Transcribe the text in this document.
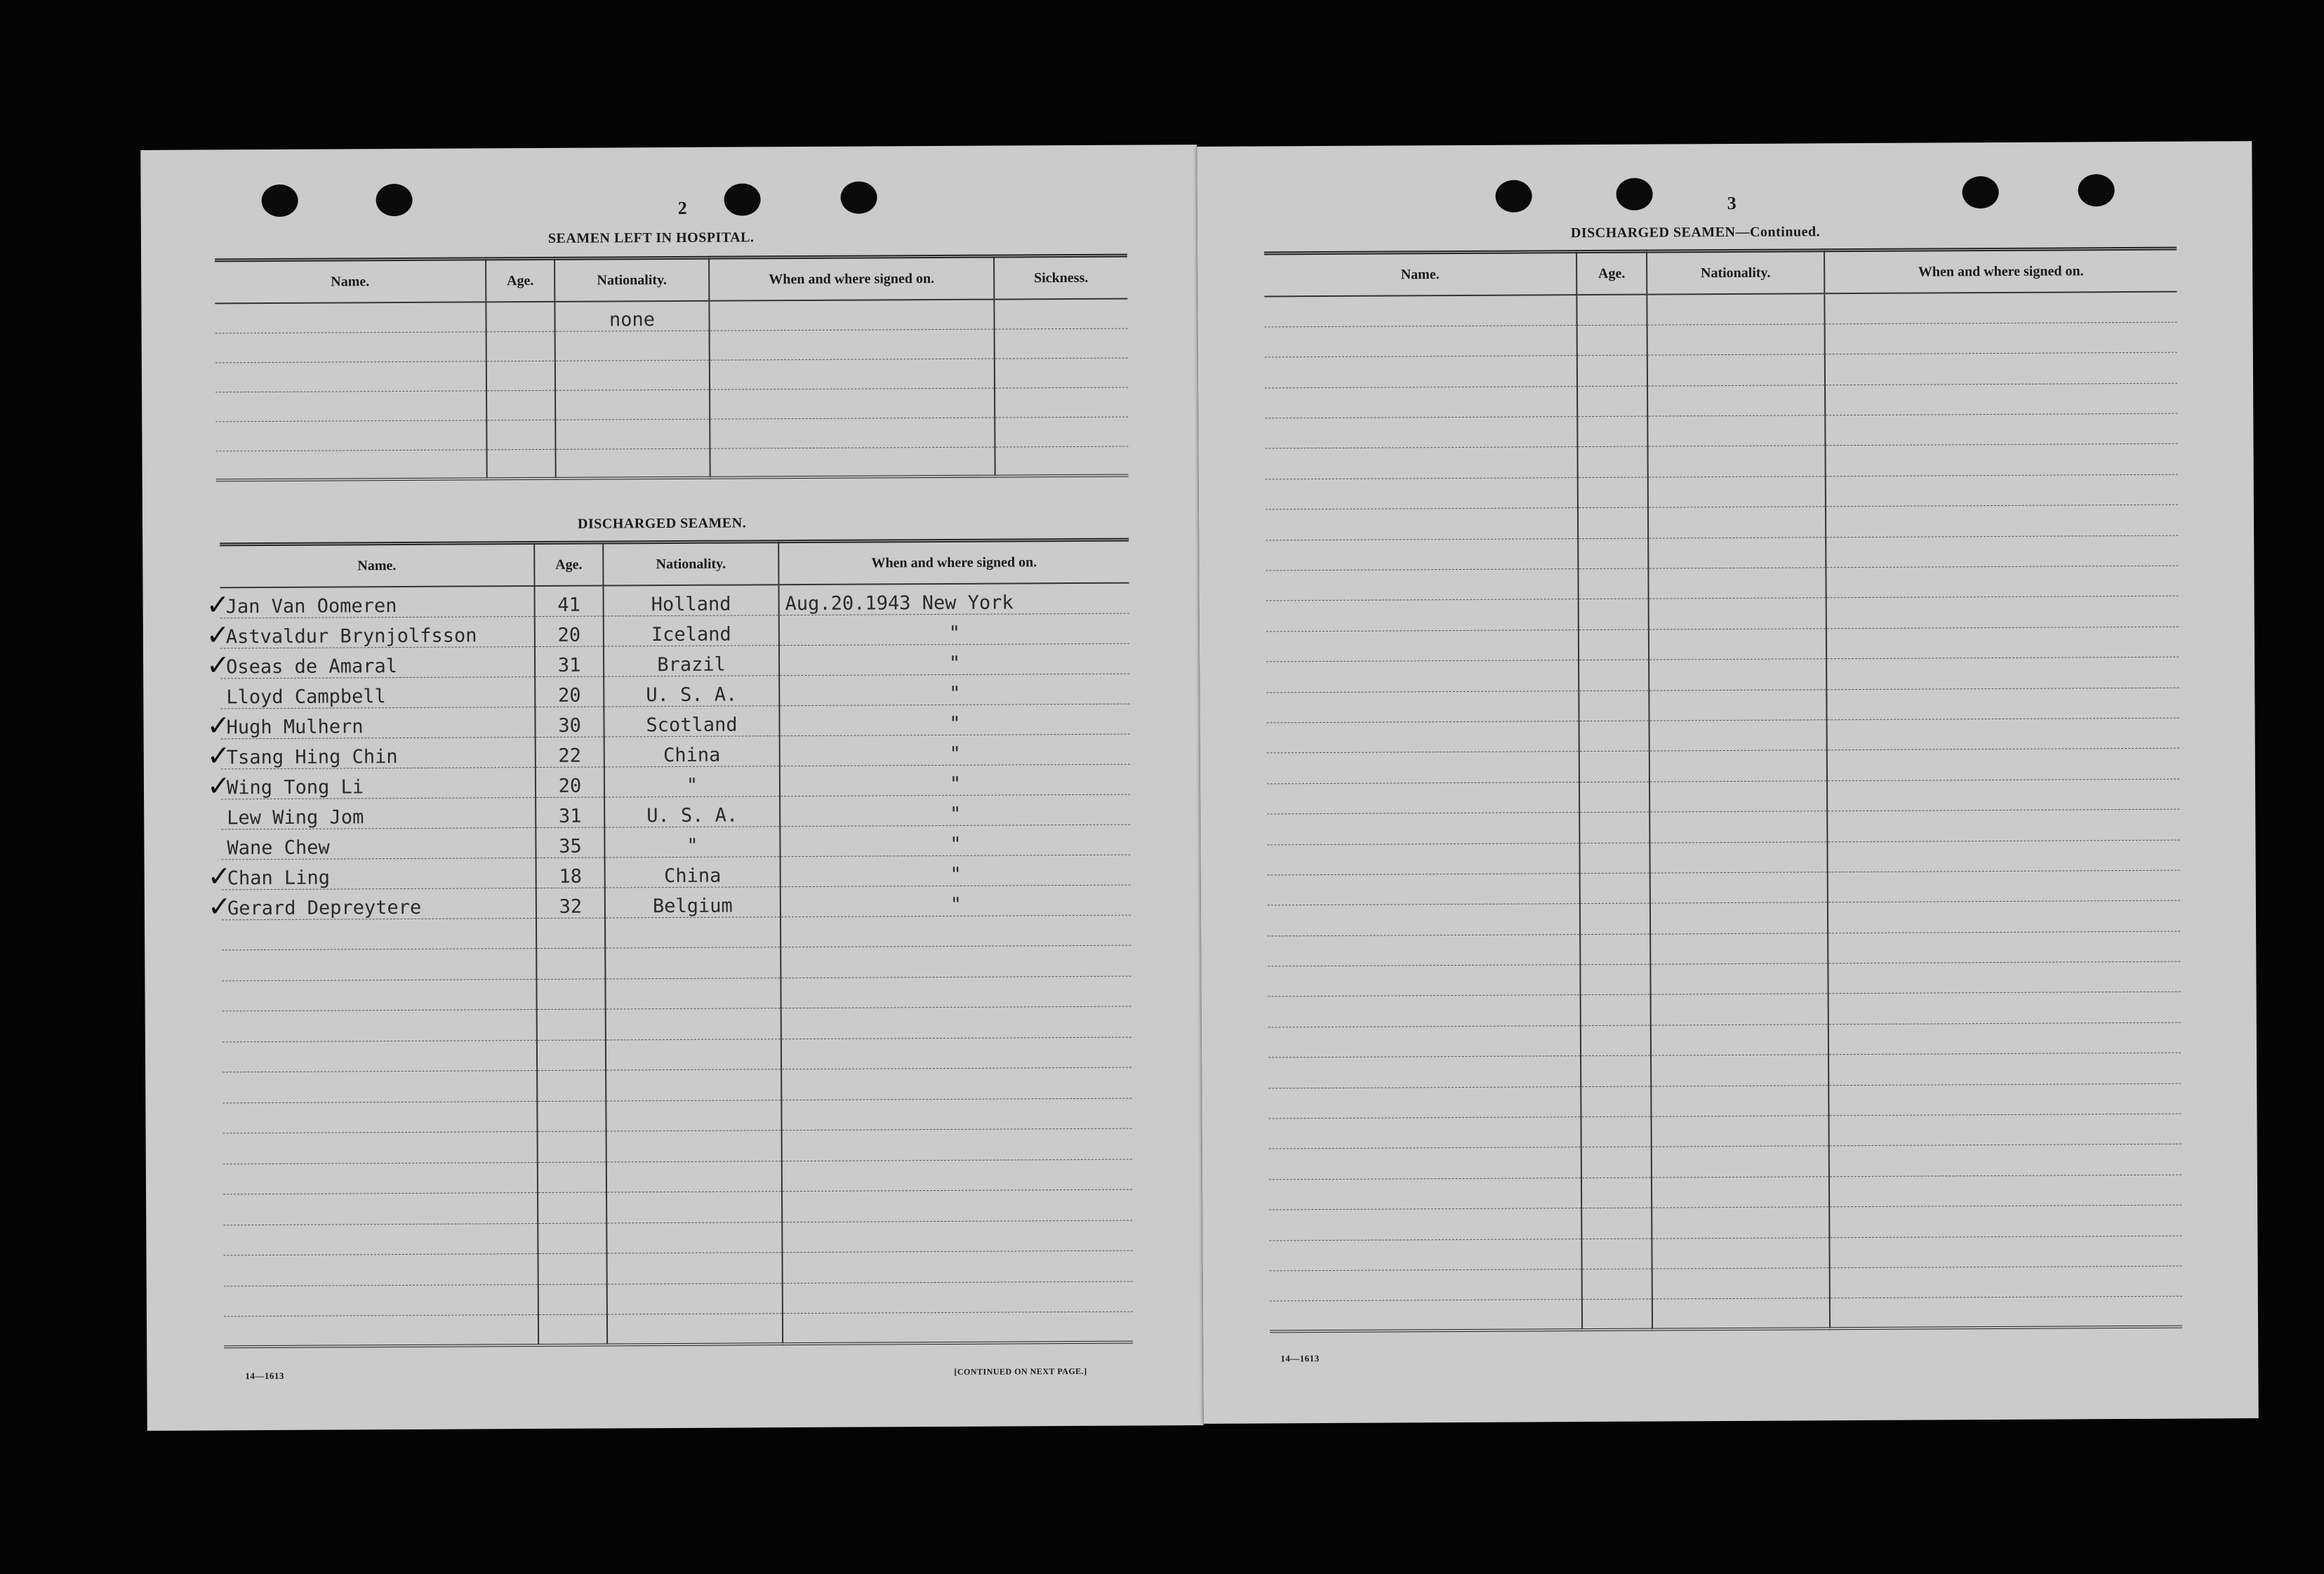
2
SEAMEN LEFT IN HOSPITAL.
Name.	Age.	Nationality.	When and where signed on.	Sickness.
		none		

DISCHARGED SEAMEN.
Name.	Age.	Nationality.	When and where signed on.

✓
Jan Van Oomeren	41	Holland	Aug.20.1943 New York

✓
Astvaldur Brynjolfsson	20	Iceland	"

✓
Oseas de Amaral	31	Brazil	"
Lloyd Campbell	20	U. S. A.	"

✓
Hugh Mulhern	30	Scotland	"

✓
Tsang Hing Chin	22	China	"

✓
Wing Tong Li	20	"	"
Lew Wing Jom	31	U. S. A.	"
Wane Chew	35	"	"

✓
Chan Ling	18	China	"

✓
Gerard Depreytere	32	Belgium	"

14—1613	[CONTINUED ON NEXT PAGE.]
3
DISCHARGED SEAMEN—Continued.
Name.	Age.	Nationality.	When and where signed on.

14—1613
